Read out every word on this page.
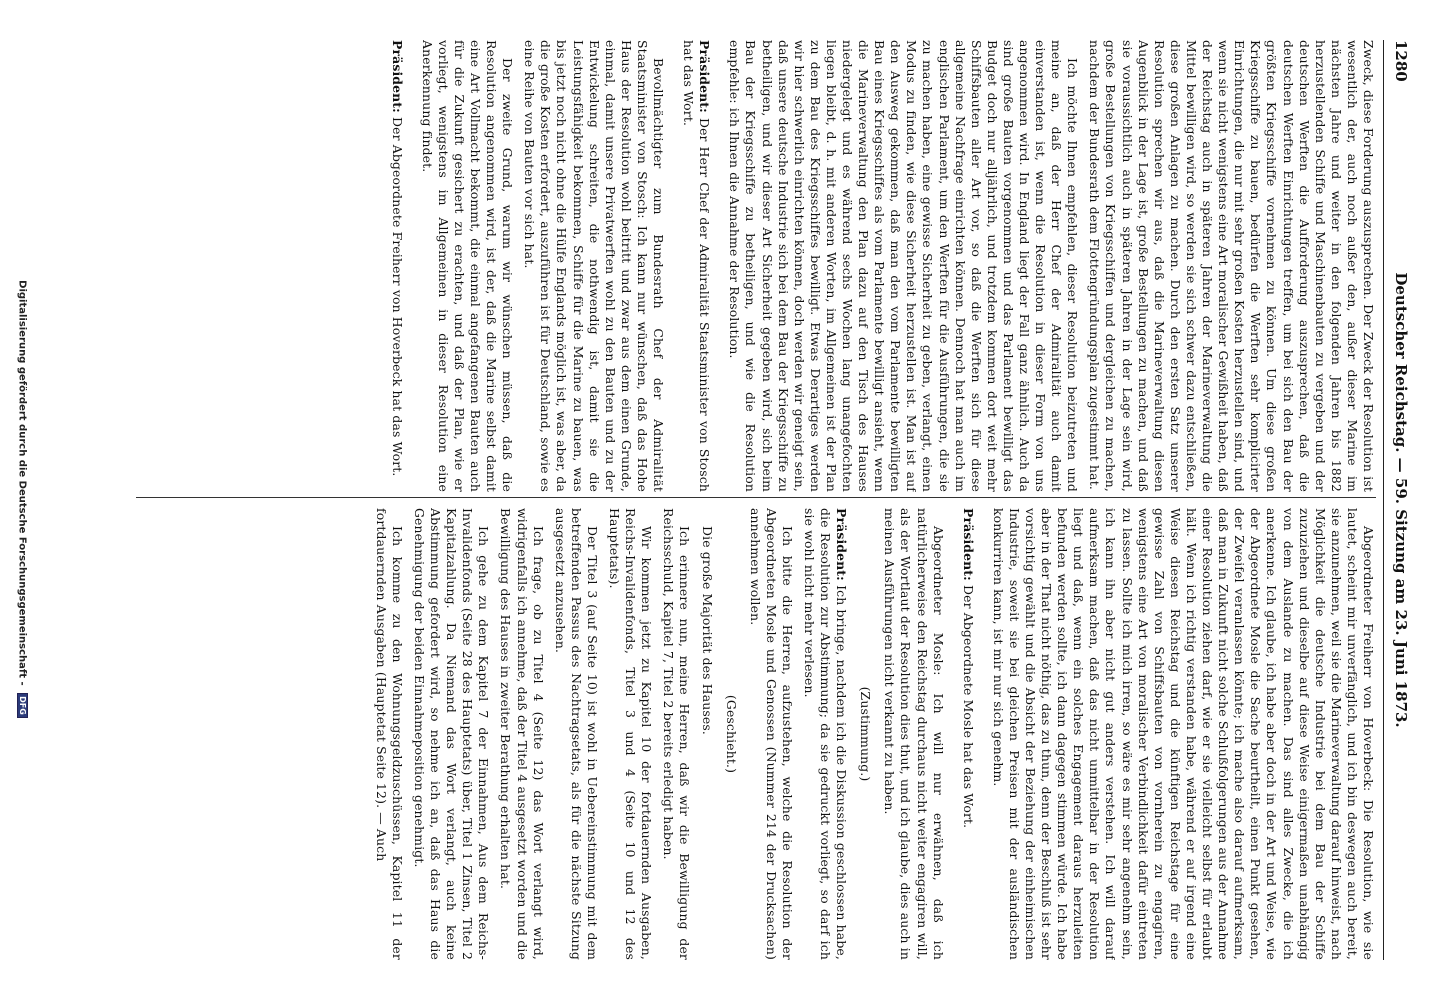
1280
Deutscher Reichstag. — 59. Sitzung am 23. Juni 1873.

Zweck, diese Forderung auszusprechen. Der Zweck der Resolution ist wesentlich der, auch noch außer den, außer dieser Marine im nächsten Jahre und weiter in den folgenden Jahren bis 1882 herzustellenden Schiffe und Maschinenbauten zu vergeben und der deutschen Werften die Aufforderung auszusprechen, daß die deutschen Werften Einrichtungen treffen, um bei sich den Bau der größten Kriegsschiffe vornehmen zu können. Um diese großen Kriegsschiffe zu bauen, bedürfen die Werften sehr komplicirter Einrichtungen, die nur mit sehr großen Kosten herzustellen sind, und wenn sie nicht wenigstens eine Art moralischer Gewißheit haben, daß der Reichstag auch in späteren Jahren der Marineverwaltung die Mittel bewilligen wird, so werden sie sich schwer dazu entschließen, diese großen Anlagen zu machen. Durch den ersten Satz unserer Resolution sprechen wir aus, daß die Marineverwaltung diesen Augenblick in der Lage ist, große Bestellungen zu machen, und daß sie voraussichtlich auch in späteren Jahren in der Lage sein wird, große Bestellungen von Kriegsschiffen und dergleichen zu machen, nachdem der Bundesrath dem Flottengründungsplan zugestimmt hat.

Ich möchte Ihnen empfehlen, dieser Resolution beizutreten und meine an, daß der Herr Chef der Admiralität auch damit einverstanden ist, wenn die Resolution in dieser Form von uns angenommen wird. In England liegt der Fall ganz ähnlich. Auch da sind große Bauten vorgenommen und das Parlament bewilligt das Budget doch nur alljährlich, und trotzdem kommen dort weit mehr Schiffsbauten aller Art vor, so daß die Werften sich für diese allgemeine Nachfrage einrichten können. Dennoch hat man auch im englischen Parlament, um den Werften für die Ausführungen, die sie zu machen haben, eine gewisse Sicherheit zu geben, verlangt, einen Modus zu finden, wie diese Sicherheit herzustellen ist. Man ist auf den Ausweg gekommen, daß man den vom Parlamente bewilligten Bau eines Kriegsschiffes als vom Parlamente bewilligt ansieht, wenn die Marineverwaltung den Plan dazu auf den Tisch des Hauses niedergelegt und es während sechs Wochen lang unangefochten liegen bleibt, d. h. mit anderen Worten, im Allgemeinen ist der Plan zu dem Bau des Kriegsschiffes bewilligt. Etwas Derartiges werden wir hier schwerlich einrichten können, doch werden wir geneigt sein, daß unsere deutsche Industrie sich bei dem Bau der Kriegsschiffe zu betheiligen, und wir dieser Art Sicherheit gegeben wird, sich beim Bau der Kriegsschiffe zu betheiligen, und wie die Resolution empfehle: ich Ihnen die Annahme der Resolution.

Präsident: Der Herr Chef der Admiralität Staatsminister von Stosch hat das Wort.

Bevollmächtigter zum Bundesrath Chef der Admiralität Staatsminister von Stosch: Ich kann nur wünschen, daß das Hohe Haus der Resolution wohl beitritt und zwar aus dem einen Grunde, einmal, damit unsere Privatwerften wohl zu den Bauten und zu der Entwickelung schreiten, die nothwendig ist, damit sie die Leistungsfähigkeit bekommen, Schiffe für die Marine zu bauen, was bis jetzt noch nicht ohne die Hülfe Englands möglich ist, was aber, da die große Kosten erfordert, auszuführen ist für Deutschland, sowie es eine Reihe von Bauten vor sich hat.

Der zweite Grund, warum wir wünschen müssen, daß die Resolution angenommen wird, ist der, daß die Marine selbst damit eine Art Vollmacht bekommt, die einmal angefangenen Bauten auch für die Zukunft gesichert zu erachten, und daß der Plan, wie er vorliegt, wenigstens im Allgemeinen in dieser Resolution eine Anerkennung findet.

Präsident: Der Abgeordnete Freiherr von Hoverbeck hat das Wort.

Abgeordneter Freiherr von Hoverbeck: Die Resolution, wie sie lautet, scheint mir unverfänglich, und ich bin deswegen auch bereit, sie anzunehmen, weil sie die Marineverwaltung darauf hinweist, nach Möglichkeit die deutsche Industrie bei dem Bau der Schiffe zuzuziehen und dieselbe auf diese Weise einigermaßen unabhängig von dem Auslande zu machen. Das sind alles Zwecke, die ich anerkenne. Ich glaube, ich habe aber doch in der Art und Weise, wie der Abgeordnete Mosle die Sache beurtheilt, einen Punkt gesehen, der Zweifel veranlassen könnte; ich mache also darauf aufmerksam, daß man in Zukunft nicht solche Schlußfolgerungen aus der Annahme einer Resolution ziehen darf, wie er sie vielleicht selbst für erlaubt hält. Wenn ich richtig verstanden habe, während er auf irgend eine Weise diesen Reichstag und die künftigen Reichstage für eine gewisse Zahl von Schiffsbauten von vornherein zu engagiren, wenigstens eine Art von moralischer Verbindlichkeit dafür eintreten zu lassen. Sollte ich mich irren, so wäre es mir sehr angenehm sein, ich kann ihn aber nicht gut anders verstehen. Ich will darauf aufmerksam machen, daß das nicht unmittelbar in der Resolution liegt und daß, wenn ein solches Engagement daraus herzuleiten befunden werden sollte, ich dann dagegen stimmen würde. Ich habe aber in der That nicht nöthig, das zu thun, denn der Beschluß ist sehr vorsichtig gewählt und die Absicht der Beziehung der einheimischen Industrie, soweit sie bei gleichen Preisen mit der ausländischen konkurriren kann, ist mir nur sich genehm.

Präsident: Der Abgeordnete Mosle hat das Wort.

Abgeordneter Mosle: Ich will nur erwähnen, daß ich natürlicherweise den Reichstag durchaus nicht weiter engagiren will, als der Wortlaut der Resolution dies thut, und ich glaube, dies auch in meinen Ausführungen nicht verkannt zu haben.

(Zustimmung.)

Präsident: Ich bringe, nachdem ich die Diskussion geschlossen habe, die Resolution zur Abstimmung; da sie gedruckt vorliegt, so darf ich sie wohl nicht mehr verlesen.

Ich bitte die Herren, aufzustehen, welche die Resolution der Abgeordneten Mosle und Genossen (Nummer 214 der Drucksachen) annehmen wollen.

(Geschieht.)

Die große Majorität des Hauses.

Ich erinnere nun, meine Herren, daß wir die Bewilligung der Reichsschuld, Kapitel 7, Titel 2 bereits erledigt haben.

Wir kommen jetzt zu Kapitel 10 der fortdauernden Ausgaben, Reichs-Invalidenfonds, Titel 3 und 4 (Seite 10 und 12 des Hauptetats).

Der Titel 3 (auf Seite 10) ist wohl in Uebereinstimmung mit dem betreffenden Passus des Nachtragsetats, als für die nächste Sitzung ausgesetzt anzusehen.

Ich frage, ob zu Titel 4 (Seite 12) das Wort verlangt wird, widrigenfalls ich annehme, daß der Titel 4 ausgesetzt worden und die Bewilligung des Hauses in zweiter Berathung erhalten hat.

Ich gehe zu dem Kapitel 7 der Einnahmen, Aus dem Reichs-Invalidenfonds (Seite 28 des Hauptetats) über, Titel 1 Zinsen, Titel 2 Kapitalzahlung. Da Niemand das Wort verlangt, auch keine Abstimmung gefordert wird, so nehme ich an, daß das Haus die Genehmigung der beiden Einnahmeposition genehmigt.

Ich komme zu den Wohnungsgeldzuschüssen, Kapitel 11 der fortdauernden Ausgaben (Hauptetat Seite 12). — Auch

Digitalisierung gefördert durch die Deutsche Forschungsgemeinschaft - DFG
